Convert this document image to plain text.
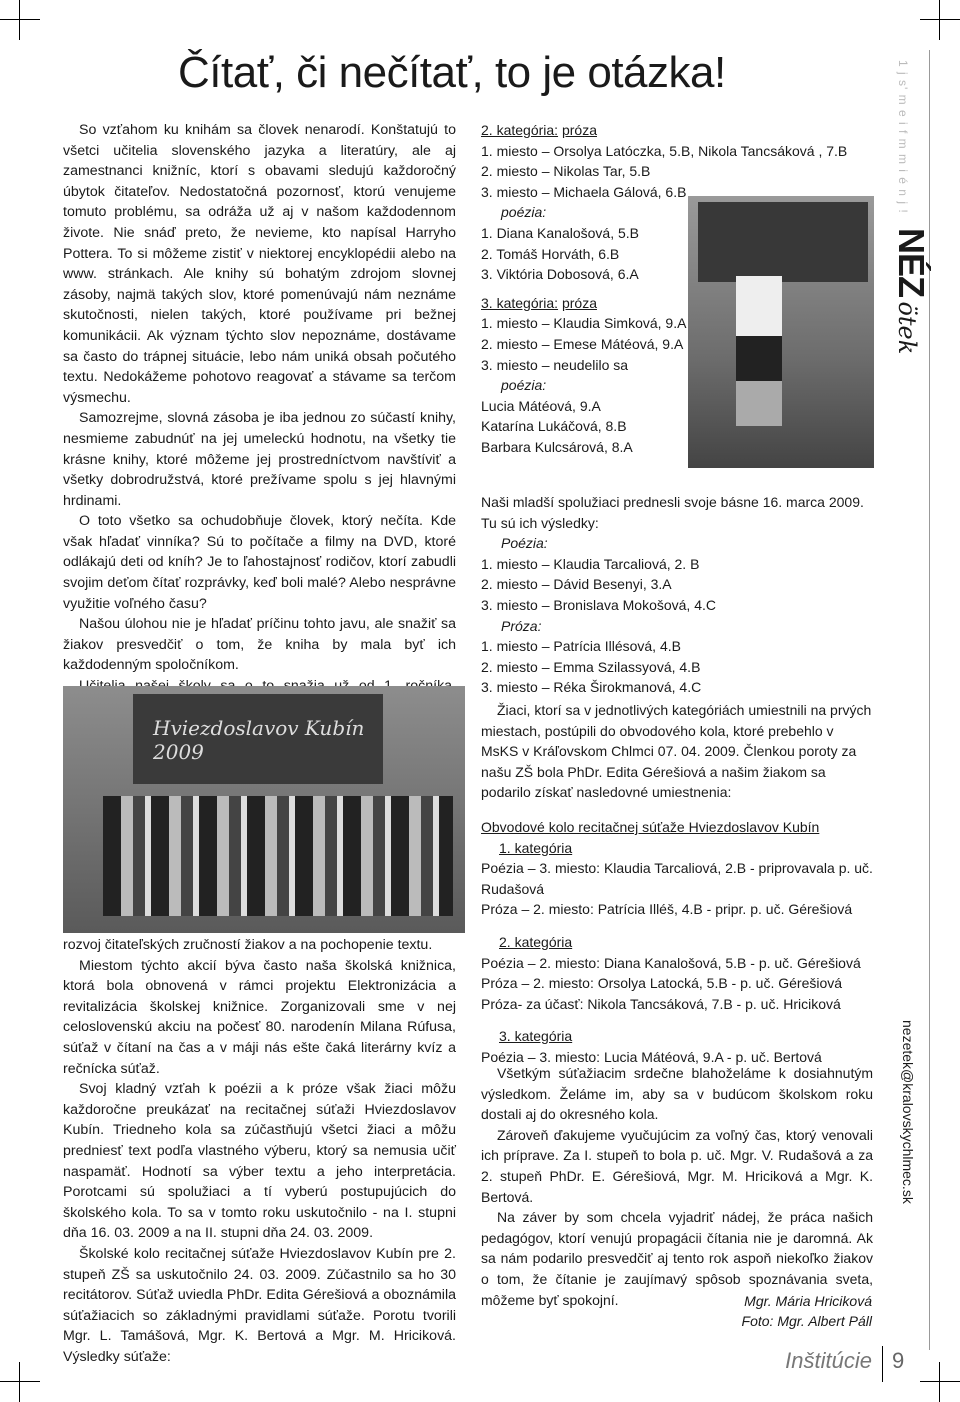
Čítať, či nečítať, to je otázka!

So vzťahom ku knihám sa človek nenarodí. Konštatujú to všetci učitelia slovenského jazyka a literatúry, ale aj zamestnanci knižníc, ktorí s obavami sledujú každoročný úbytok čitateľov. Nedostatočná pozornosť, ktorú venujeme tomuto problému, sa odráža už aj v našom každodennom živote. Nie snáď preto, že nevieme, kto napísal Harryho Pottera. To si môžeme zistiť v niektorej encyklopédii alebo na www. stránkach. Ale knihy sú bohatým zdrojom slovnej zásoby, najmä takých slov, ktoré pomenúvajú nám neznáme skutočnosti, nielen takých, ktoré používame pri bežnej komunikácii. Ak význam týchto slov nepoznáme, dostávame sa často do trápnej situácie, lebo nám uniká obsah počutého textu. Nedokážeme pohotovo reagovať a stávame sa terčom výsmechu.

Samozrejme, slovná zásoba je iba jednou zo súčastí knihy, nesmieme zabudnúť na jej umeleckú hodnotu, na všetky tie krásne knihy, ktoré môžeme jej prostredníctvom navštíviť a všetky dobrodružstvá, ktoré prežívame spolu s jej hlavnými hrdinami.

O toto všetko sa ochudobňuje človek, ktorý nečíta. Kde však hľadať vinníka? Sú to počítače a filmy na DVD, ktoré odlákajú deti od kníh? Je to ľahostajnosť rodičov, ktorí zabudli svojim deťom čítať rozprávky, keď boli malé? Alebo nesprávne využitie voľného času?

Našou úlohou nie je hľadať príčinu tohto javu, ale snažiť sa žiakov presvedčiť o tom, že kniha by mala byť ich každodenným spoločníkom.

Hviezdoslavov Kubín 2009

rozvoj čitateľských zručností žiakov a na pochopenie textu.

Miestom týchto akcií býva často naša školská knižnica, ktorá bola obnovená v rámci projektu Elektronizácia a revitalizácia školskej knižnice. Zorganizovali sme v nej celoslovenskú akciu na počesť 80. narodenín Milana Rúfusa, súťaž v čítaní na čas a v máji nás ešte čaká literárny kvíz a rečnícka súťaž.

Svoj kladný vzťah k poézii a k próze však žiaci môžu každoročne preukázať na recitačnej súťaži Hviezdoslavov Kubín. Triedneho kola sa zúčastňujú všetci žiaci a môžu predniesť text podľa vlastného výberu, ktorý sa nemusia učiť naspamäť. Hodnotí sa výber textu a jeho interpretácia. Porotcami sú spolužiaci a tí vyberú postupujúcich do školského kola. To sa v tomto roku uskutočnilo - na I. stupni dňa 16. 03. 2009 a na II. stupni dňa 24. 03. 2009.

Školské kolo recitačnej súťaže Hviezdoslavov Kubín pre 2. stupeň ZŠ sa uskutočnilo 24. 03. 2009. Zúčastnilo sa ho 30 recitátorov. Súťaž uviedla PhDr. Edita Gérešiová a oboznámila súťažiacich so základnými pravidlami súťaže. Porotu tvorili Mgr. L. Tamášová, Mgr. K. Bertová a Mgr. M. Hriciková. Výsledky súťaže:

2. kategória: próza

1. miesto – Orsolya Latóczka, 5.B, Nikola Tancsáková , 7.B

2. miesto – Nikolas Tar, 5.B

3. miesto – Michaela Gálová, 6.B

poézia:

1. Diana Kanalošová, 5.B

2. Tomáš Horváth, 6.B

3. Viktória Dobosová, 6.A

3. kategória: próza

1. miesto – Klaudia Simková, 9.A

2. miesto – Emese Mátéová, 9.A

3. miesto – neudelilo sa

poézia:

Lucia Mátéová, 9.A

Katarína Lukáčová, 8.B

Barbara Kulcsárová, 8.A

Naši mladší spolužiaci prednesli svoje básne 16. marca 2009. Tu sú ich výsledky:

Poézia:

1. miesto – Klaudia Tarcaliová, 2. B

2. miesto – Dávid Besenyi, 3.A

3. miesto – Bronislava Mokošová, 4.C

Próza:

1. miesto – Patrícia Illésová, 4.B

2. miesto – Emma Szilassyová, 4.B

3. miesto – Réka Širokmanová, 4.C

Žiaci, ktorí sa v jednotlivých kategóriách umiestnili na prvých miestach, postúpili do obvodového kola, ktoré prebehlo v MsKS v Kráľovskom Chlmci 07. 04. 2009. Členkou poroty za našu ZŠ bola PhDr. Edita Gérešiová a našim žiakom sa podarilo získať nasledovné umiestnenia:

Obvodové kolo recitačnej súťaže Hviezdoslavov Kubín

1. kategória

Poézia – 3. miesto: Klaudia Tarcaliová, 2.B - priprovavala p. uč. Rudašová

Próza – 2. miesto: Patrícia Illéš, 4.B - pripr. p. uč. Gérešiová

2. kategória

Poézia – 2. miesto: Diana Kanalošová, 5.B - p. uč. Gérešiová

Próza – 2. miesto: Orsolya Latocká, 5.B - p. uč. Gérešiová

Próza- za účasť: Nikola Tancsáková, 7.B - p. uč. Hriciková

3. kategória

Poézia – 3. miesto: Lucia Mátéová, 9.A - p. uč. Bertová

Všetkým súťažiacim srdečne blahoželáme k dosiahnutým výsledkom. Želáme im, aby sa v budúcom školskom roku dostali aj do okresného kola.

Zároveň ďakujeme vyučujúcim za voľný čas, ktorý venovali ich príprave. Za I. stupeň to bola p. uč. Mgr. V. Rudašová a za 2. stupeň PhDr. E. Gérešiová, Mgr. M. Hriciková a Mgr. K. Bertová.

Na záver by som chcela vyjadriť nádej, že práca našich pedagógov, ktorí venujú propagácii čítania nie je daromná. Ak sa nám podarilo presvedčiť aj tento rok aspoň niekoľko žiakov o tom, že čítanie je zaujímavý spôsob spoznávania sveta, môžeme byť spokojní.	Mgr. Mária Hriciková
Foto: Mgr. Albert Páll
Inštitúcie 9
1 j s' m e i f m m i é n j !
NÉZ ötek
nezetek@kralovskychlmec.sk
